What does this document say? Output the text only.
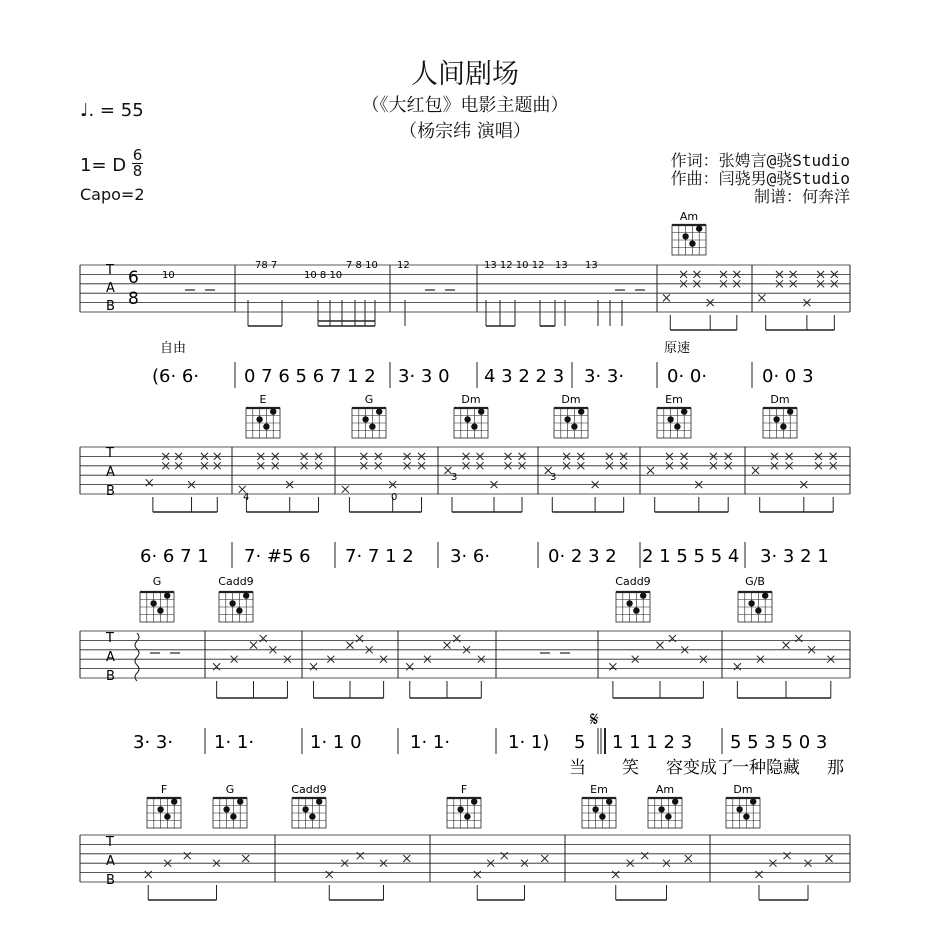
人间剧场
（《大红包》电影主题曲）
（杨宗纬 演唱）
♩. = 55
1= D $\frac{6}{8}$
Capo=2
作词：张娉言@骁Studio
作曲：闫骁男@骁Studio
制谱：何奔洋
10
78 7
10 8 10
7 8 10 12	13 12 10 12 13 13
4	0
3	3
6
8
T
A
B
T
A
B
T
A
B
T
A
B
自由	原速
𝄋
(6· 6· 0 7 6 5 6 7 1 2 3· 3 0 4 3 2 2 3 3· 3· 0· 0·	0· 0 3
6· 6 7 1 7· #5 6 7· 7 1 2 3· 6·	0· 2 3 2 2 1 5 5 5 4 3· 3 2 1
3· 3· 1· 1·	1· 1 0	1· 1·	1· 1) 5 1 1 1 2 3 5 5 3 5 0 3
当 笑 容变成了
一种隐藏 那
Am
E	G	Dm	Dm	Em	Dm
G	Cadd9	Cadd9	G/B
F	G	Cadd9	F	Em	Am	Dm
